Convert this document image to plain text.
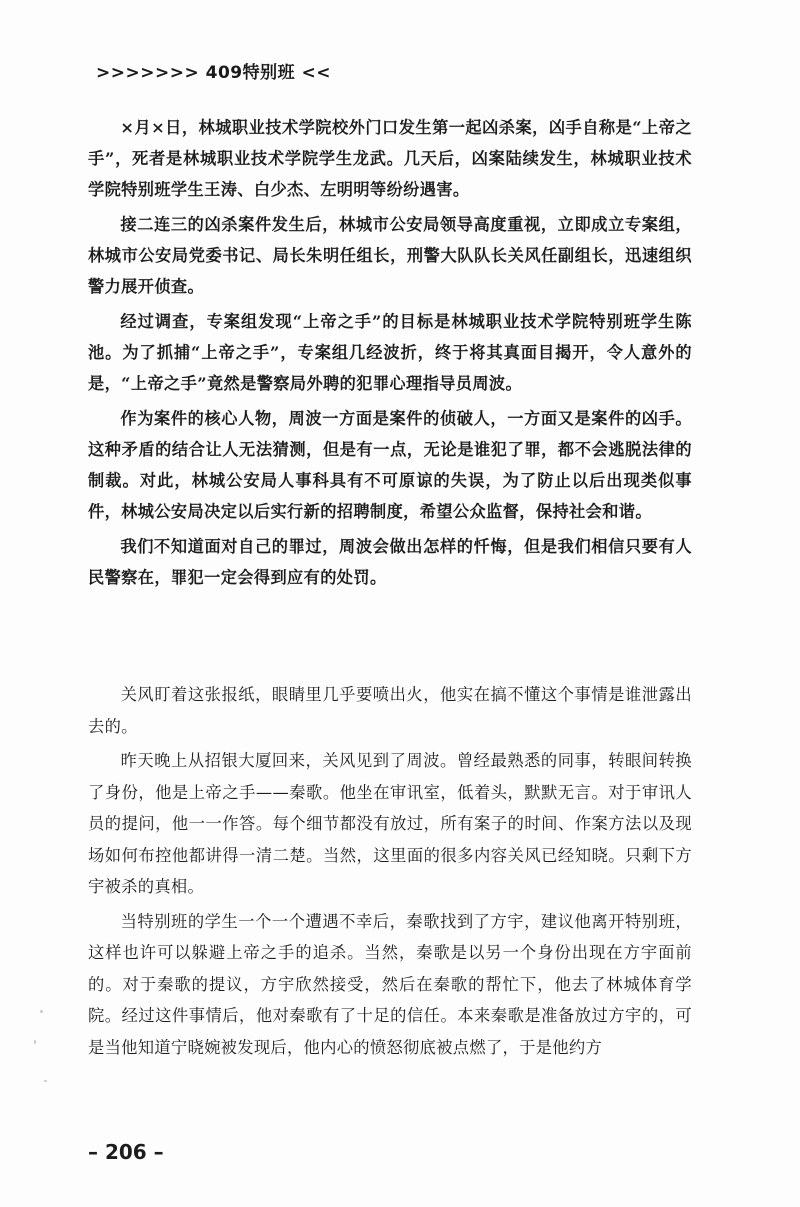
>>>>>>> 409特别班 <<

×月×日，林城职业技术学院校外门口发生第一起凶杀案，凶手自称是“上帝之手”，死者是林城职业技术学院学生龙武。几天后，凶案陆续发生，林城职业技术学院特别班学生王涛、白少杰、左明明等纷纷遇害。

接二连三的凶杀案件发生后，林城市公安局领导高度重视，立即成立专案组，林城市公安局党委书记、局长朱明任组长，刑警大队队长关风任副组长，迅速组织警力展开侦查。

经过调查，专案组发现“上帝之手”的目标是林城职业技术学院特别班学生陈池。为了抓捕“上帝之手”，专案组几经波折，终于将其真面目揭开，令人意外的是，“上帝之手”竟然是警察局外聘的犯罪心理指导员周波。

作为案件的核心人物，周波一方面是案件的侦破人，一方面又是案件的凶手。这种矛盾的结合让人无法猜测，但是有一点，无论是谁犯了罪，都不会逃脱法律的制裁。对此，林城公安局人事科具有不可原谅的失误，为了防止以后出现类似事件，林城公安局决定以后实行新的招聘制度，希望公众监督，保持社会和谐。

我们不知道面对自己的罪过，周波会做出怎样的忏悔，但是我们相信只要有人民警察在，罪犯一定会得到应有的处罚。

关风盯着这张报纸，眼睛里几乎要喷出火，他实在搞不懂这个事情是谁泄露出去的。

昨天晚上从招银大厦回来，关风见到了周波。曾经最熟悉的同事，转眼间转换了身份，他是上帝之手——秦歌。他坐在审讯室，低着头，默默无言。对于审讯人员的提问，他一一作答。每个细节都没有放过，所有案子的时间、作案方法以及现场如何布控他都讲得一清二楚。当然，这里面的很多内容关风已经知晓。只剩下方宇被杀的真相。

当特别班的学生一个一个遭遇不幸后，秦歌找到了方宇，建议他离开特别班，这样也许可以躲避上帝之手的追杀。当然，秦歌是以另一个身份出现在方宇面前的。对于秦歌的提议，方宇欣然接受，然后在秦歌的帮忙下，他去了林城体育学院。经过这件事情后，他对秦歌有了十足的信任。本来秦歌是准备放过方宇的，可是当他知道宁晓婉被发现后，他内心的愤怒彻底被点燃了，于是他约方

– 206 –
